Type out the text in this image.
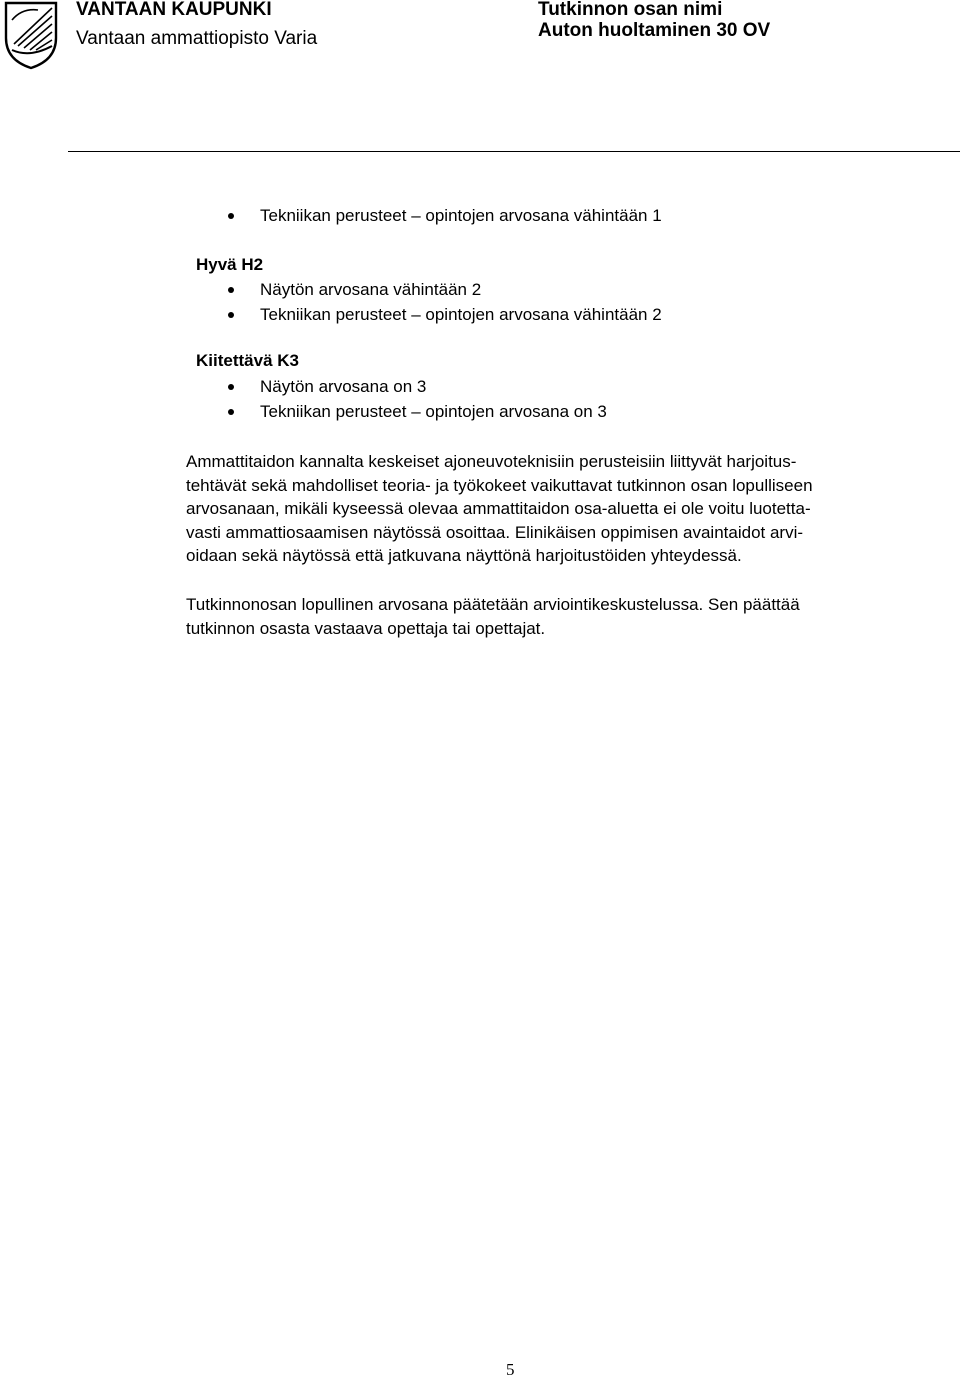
VANTAAN KAUPUNKI
Vantaan ammattiopisto Varia
Tutkinnon osan nimi
Auton huoltaminen 30 OV
Tekniikan perusteet – opintojen arvosana vähintään 1
Hyvä H2
Näytön arvosana vähintään 2
Tekniikan perusteet – opintojen arvosana vähintään 2
Kiitettävä K3
Näytön arvosana on 3
Tekniikan perusteet – opintojen arvosana on 3
Ammattitaidon kannalta keskeiset ajoneuvoteknisiin perusteisiin liittyvät harjoitus-
tehtävät sekä mahdolliset teoria- ja työkokeet vaikuttavat tutkinnon osan lopulliseen
arvosanaan, mikäli kyseessä olevaa ammattitaidon osa-aluetta ei ole voitu luotetta-
vasti ammattiosaamisen näytössä osoittaa. Elinikäisen oppimisen avaintaidot arvi-
oidaan sekä näytössä että jatkuvana näyttönä harjoitustöiden yhteydessä.
Tutkinnonosan lopullinen arvosana päätetään arviointikeskustelussa. Sen päättää
tutkinnon osasta vastaava opettaja tai opettajat.
5
